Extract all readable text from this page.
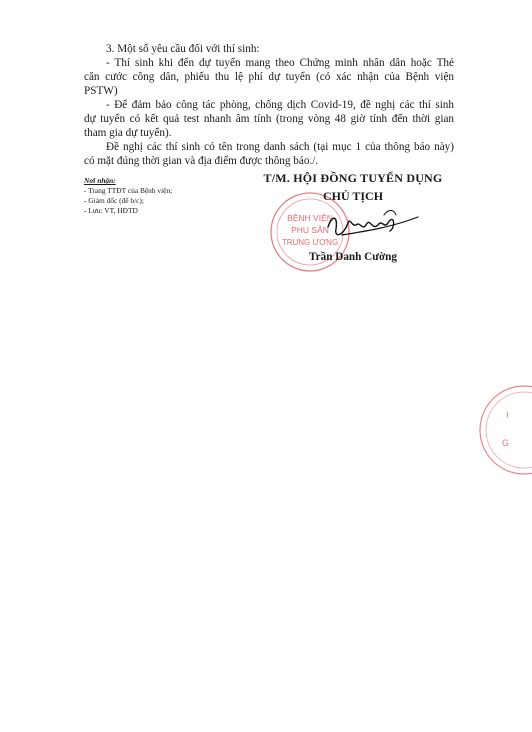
3. Một số yêu cầu đối với thí sinh:
- Thí sinh khi đến dự tuyển mang theo Chứng minh nhân dân hoặc Thẻ
căn cước công dân, phiếu thu lệ phí dự tuyển (có xác nhận của Bệnh viện
PSTW)
- Để đảm bảo công tác phòng, chống dịch Covid-19, đề nghị các thí sinh
dự tuyển có kết quả test nhanh âm tính (trong vòng 48 giờ tính đến thời gian
tham gia dự tuyển).
Đề nghị các thí sinh có tên trong danh sách (tại mục 1 của thông báo này)
có mặt đúng thời gian và địa điểm được thông báo./.
Nơi nhận:
- Trang TTĐT của Bệnh viện;
- Giám đốc (để b/c);
- Lưu: VT, HĐTD
BỆNH VIỆN
PHỤ SẢN
TRUNG ƯƠNG
T/M. HỘI ĐỒNG TUYỂN DỤNG
CHỦ TỊCH
Trần Danh Cường
I
G
